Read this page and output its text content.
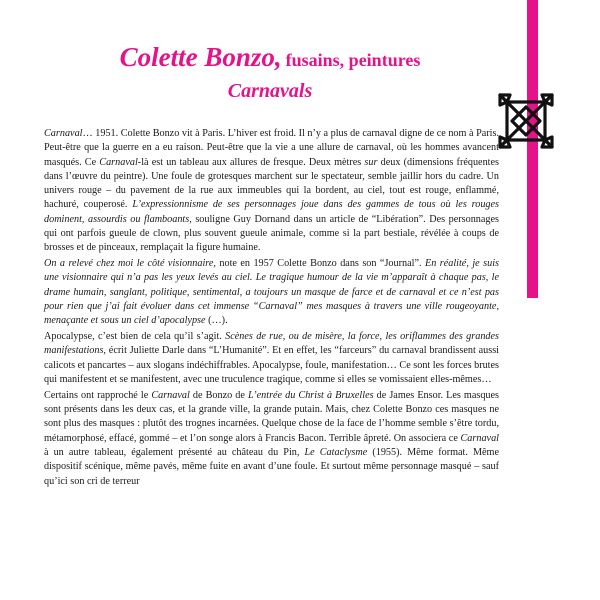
Colette Bonzo, fusains, peintures
Carnavals

Carnaval… 1951. Colette Bonzo vit à Paris. L’hiver est froid. Il n’y a plus de carnaval digne de ce nom à Paris. Peut-être que la guerre en a eu raison. Peut-être que la vie a une allure de carnaval, où les hommes avancent masqués. Ce Carnaval-là est un tableau aux allures de fresque. Deux mètres sur deux (dimensions fréquentes dans l’œuvre du peintre). Une foule de grotesques marchent sur le spectateur, semble jaillir hors du cadre. Un univers rouge – du pavement de la rue aux immeubles qui la bordent, au ciel, tout est rouge, enflammé, hachuré, couperosé. L’expressionnisme de ses personnages joue dans des gammes de tous où les rouges dominent, assourdis ou flamboants, souligne Guy Dornand dans un article de “Libération”. Des personnages qui ont parfois gueule de clown, plus souvent gueule animale, comme si la part bestiale, révélée à coups de brosses et de pinceaux, remplaçait la figure humaine.

On a relevé chez moi le côté visionnaire, note en 1957 Colette Bonzo dans son “Journal”. En réalité, je suis une visionnaire qui n’a pas les yeux levés au ciel. Le tragique humour de la vie m’apparaît à chaque pas, le drame humain, sanglant, politique, sentimental, a toujours un masque de farce et de carnaval et ce n’est pas pour rien que j’ai fait évoluer dans cet immense “Carnaval” mes masques à travers une ville rougeoyante, menaçante et sous un ciel d’apocalypse (…).

Apocalypse, c’est bien de cela qu’il s’agit. Scènes de rue, ou de misère, la force, les oriflammes des grandes manifestations, écrit Juliette Darle dans “L’Humanité”. Et en effet, les “farceurs” du carnaval brandissent aussi calicots et pancartes – aux slogans indéchiffrables. Apocalypse, foule, manifestation… Ce sont les forces brutes qui manifestent et se manifestent, avec une truculence tragique, comme si elles se vomissaient elles-mêmes…

Certains ont rapproché le Carnaval de Bonzo de L’entrée du Christ à Bruxelles de James Ensor. Les masques sont présents dans les deux cas, et la grande ville, la grande putain. Mais, chez Colette Bonzo ces masques ne sont plus des masques : plutôt des trognes incarnées. Quelque chose de la face de l’homme semble s’être tordu, métamorphosé, effacé, gommé – et l’on songe alors à Francis Bacon. Terrible âpreté. On associera ce Carnaval à un autre tableau, également présenté au château du Pin, Le Cataclysme (1955). Même format. Même dispositif scénique, même pavés, même fuite en avant d’une foule. Et surtout même personnage masqué – sauf qu’ici son cri de terreur
